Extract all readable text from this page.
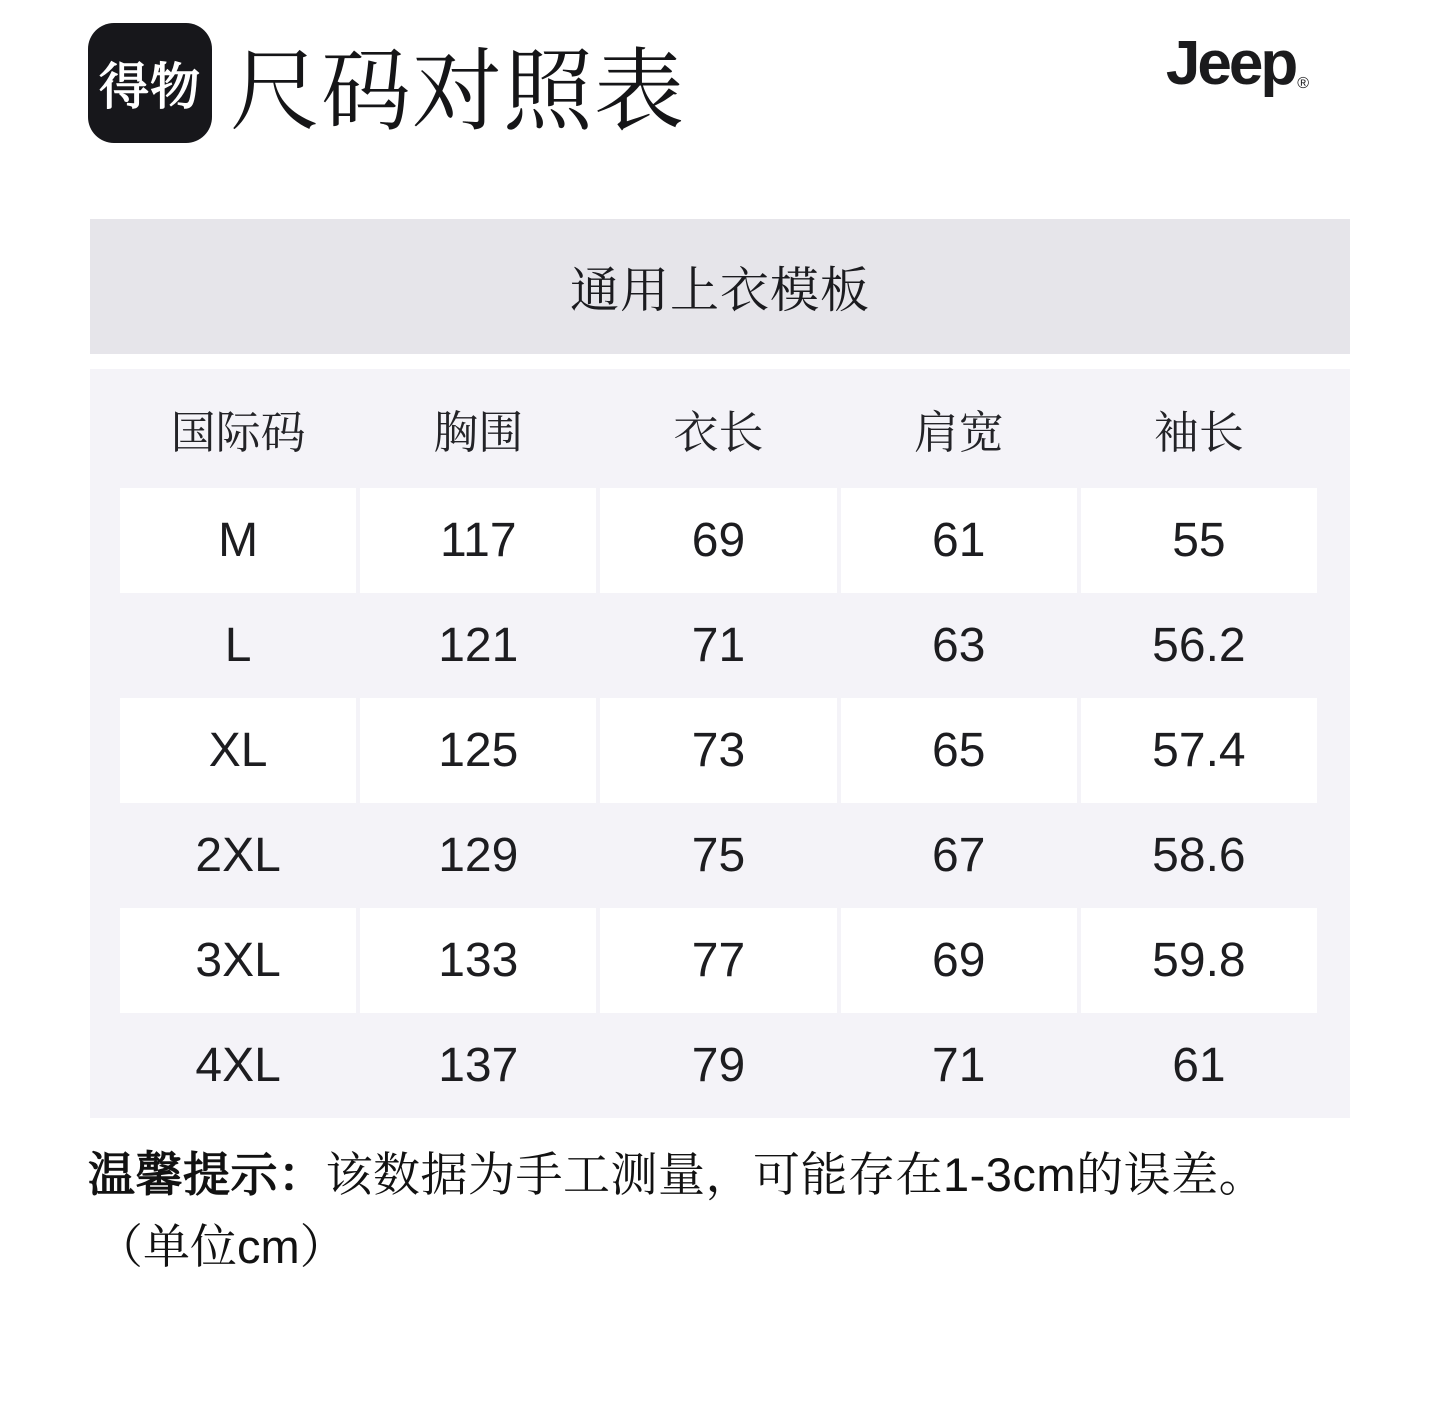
得物 尺码对照表	Jeep ®
通用上衣模板
国际码	胸围	衣长	肩宽	袖长
M	117	69	61	55
L	121	71	63	56.2
XL	125	73	65	57.4
2XL	129	75	67	58.6
3XL	133	77	69	59.8
4XL	137	79	71	61
温馨提示：该数据为手工测量，可能存在1-3cm的误差。
（单位cm）
